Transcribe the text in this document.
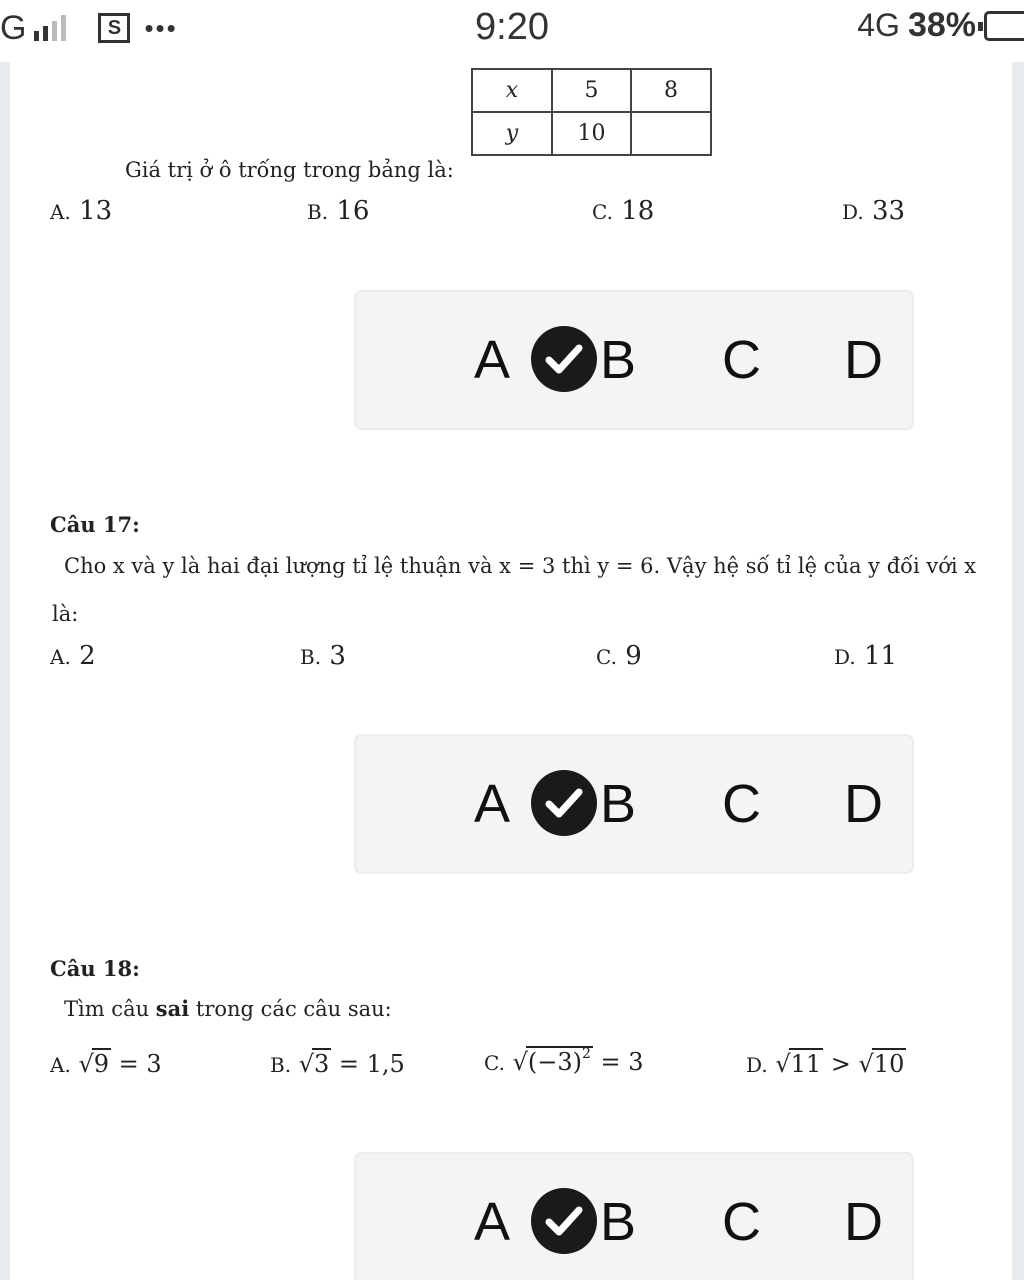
G	S •••	9:20	4G 38%
x	5	8
y	10	
Giá trị ở ô trống trong bảng là:
A. 13	B. 16	C. 18	D. 33
A B C D
Câu 17:
Cho x và y là hai đại lượng tỉ lệ thuận và x = 3 thì y = 6. Vậy hệ số tỉ lệ của y đối với x
là:
A. 2	B. 3	C. 9	D. 11
A B C D
Câu 18:
Tìm câu sai trong các câu sau:
A. √9 = 3	B. √3 = 1,5	C. $√(-3)^2 = 3$	D. √11 > √10
A B C D
